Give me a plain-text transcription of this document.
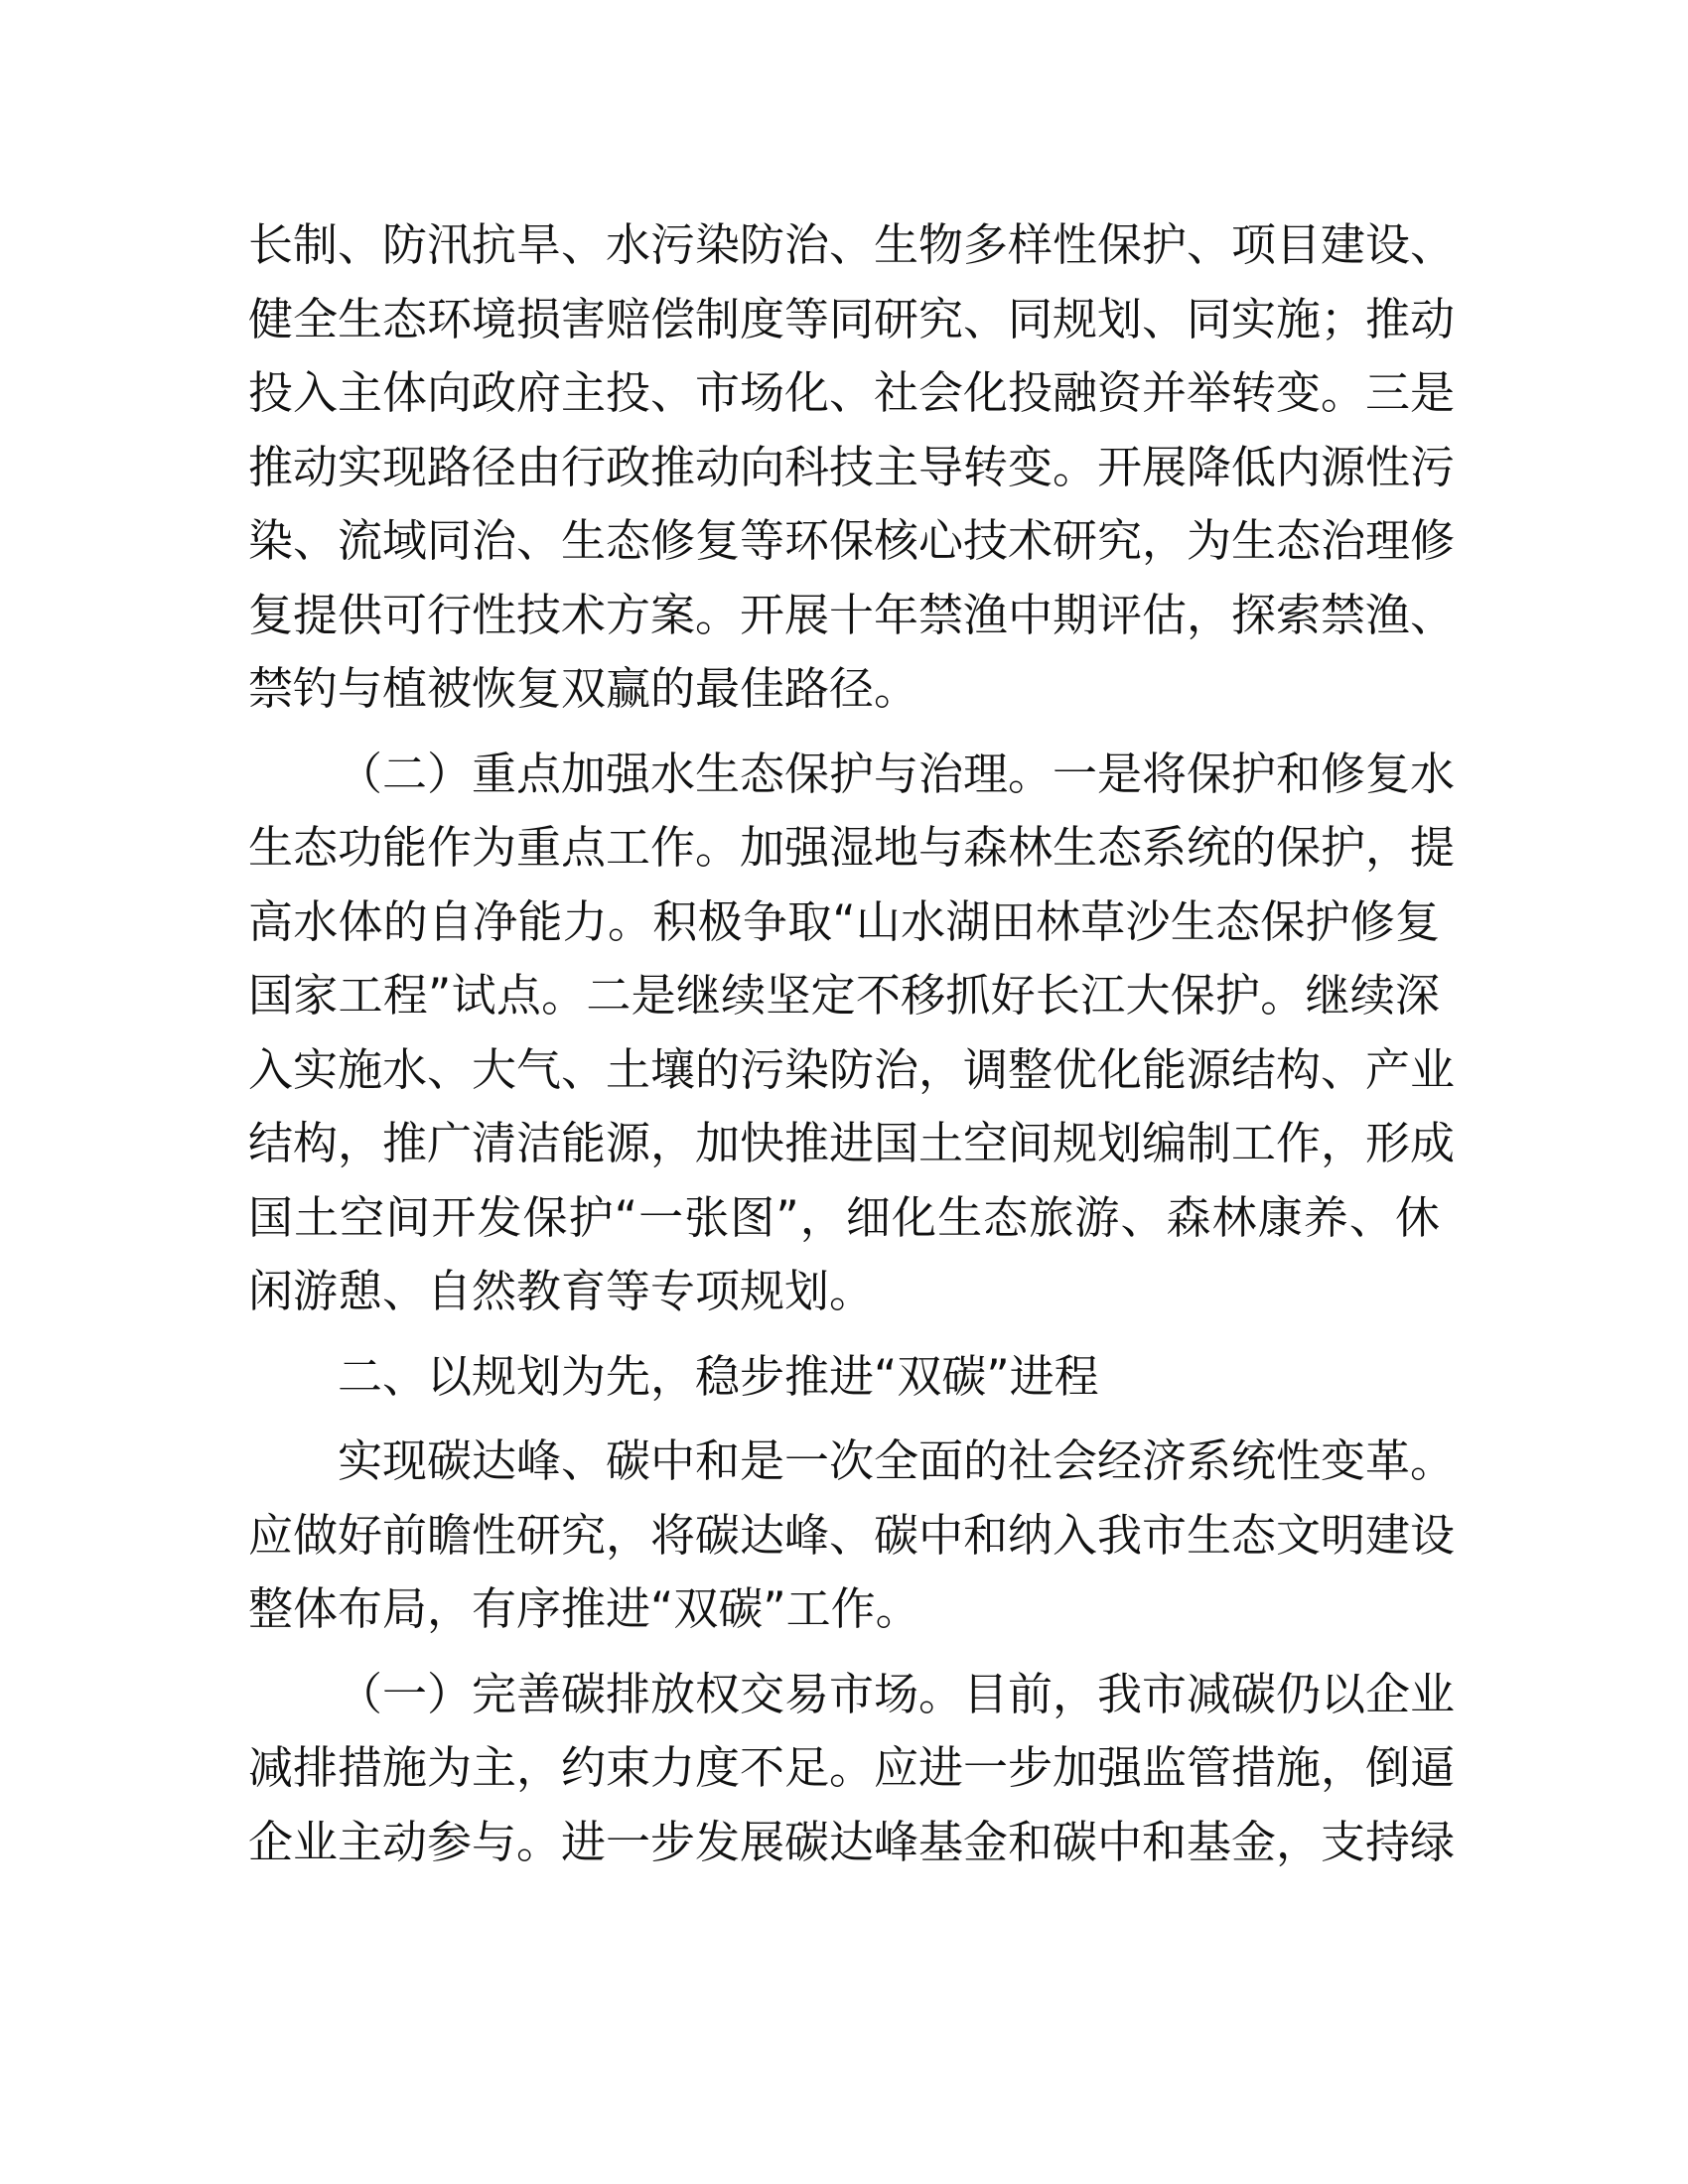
长制、防汛抗旱、水污染防治、生物多样性保护、项目建设、
健全生态环境损害赔偿制度等同研究、同规划、同实施；推动
投入主体向政府主投、市场化、社会化投融资并举转变。三是
推动实现路径由行政推动向科技主导转变。开展降低内源性污
染、流域同治、生态修复等环保核心技术研究，为生态治理修
复提供可行性技术方案。开展十年禁渔中期评估，探索禁渔、
禁钓与植被恢复双赢的最佳路径。
（二）重点加强水生态保护与治理。一是将保护和修复水
生态功能作为重点工作。加强湿地与森林生态系统的保护，提
高水体的自净能力。积极争取“山水湖田林草沙生态保护修复
国家工程”试点。二是继续坚定不移抓好长江大保护。继续深
入实施水、大气、土壤的污染防治，调整优化能源结构、产业
结构，推广清洁能源，加快推进国土空间规划编制工作，形成
国土空间开发保护“一张图”，细化生态旅游、森林康养、休
闲游憩、自然教育等专项规划。
二、以规划为先，稳步推进“双碳”进程
实现碳达峰、碳中和是一次全面的社会经济系统性变革。
应做好前瞻性研究，将碳达峰、碳中和纳入我市生态文明建设
整体布局，有序推进“双碳”工作。
（一）完善碳排放权交易市场。目前，我市减碳仍以企业
减排措施为主，约束力度不足。应进一步加强监管措施，倒逼
企业主动参与。进一步发展碳达峰基金和碳中和基金，支持绿
